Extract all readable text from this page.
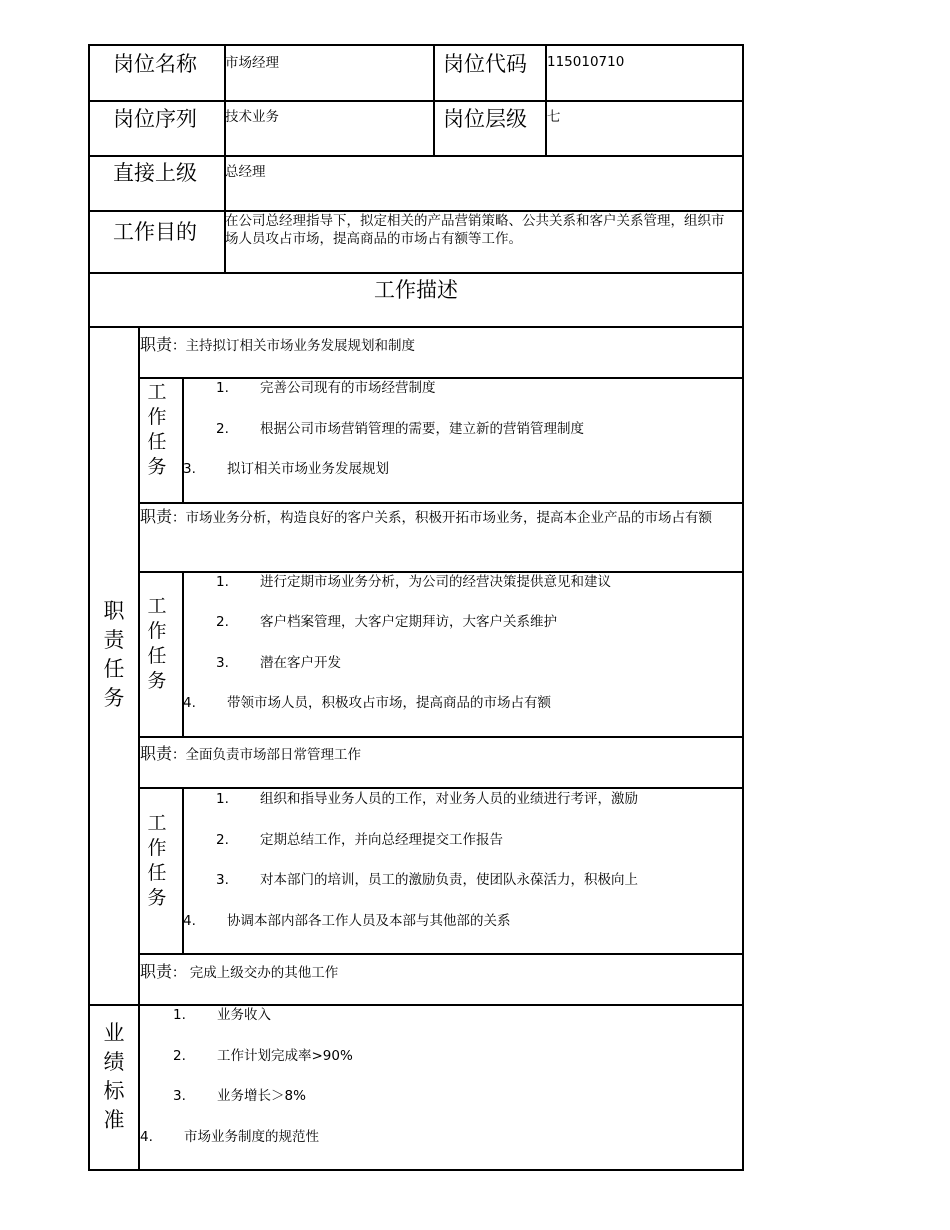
岗位名称 市场经理	岗位代码 115010710
岗位序列 技术业务	岗位层级 七
直接上级 总经理
工作目的 在公司总经理指导下，拟定相关的产品营销策略、公共关系和客户关系管理，组织市场人员攻占市场，提高商品的市场占有额等工作。
工作描述
职责任务
业绩标准
职责：主持拟订相关市场业务发展规划和制度
工作任务
1. 完善公司现有的市场经营制度
2. 根据公司市场营销管理的需要，建立新的营销管理制度
3. 拟订相关市场业务发展规划
职责：市场业务分析，构造良好的客户关系，积极开拓市场业务，提高本企业产品的市场占有额
工作任务
1. 进行定期市场业务分析，为公司的经营决策提供意见和建议
2. 客户档案管理，大客户定期拜访，大客户关系维护
3. 潜在客户开发
4. 带领市场人员，积极攻占市场，提高商品的市场占有额
职责：全面负责市场部日常管理工作
工作任务
1. 组织和指导业务人员的工作，对业务人员的业绩进行考评，激励
2. 定期总结工作，并向总经理提交工作报告
3. 对本部门的培训，员工的激励负责，使团队永葆活力，积极向上
4. 协调本部内部各工作人员及本部与其他部的关系
职责： 完成上级交办的其他工作
1. 业务收入
2. 工作计划完成率>90%
3. 业务增长＞8%
4. 市场业务制度的规范性
